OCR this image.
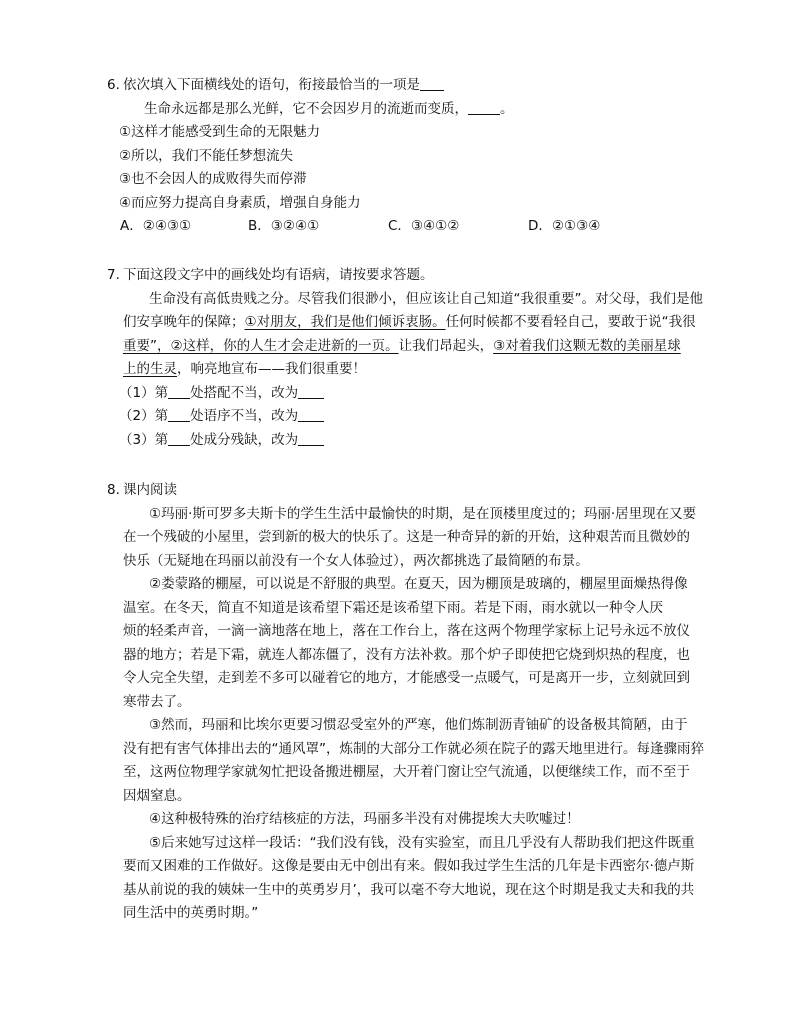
6. 依次填入下面横线处的语句，衔接最恰当的一项是
生命永远都是那么光鲜，它不会因岁月的流逝而变质， 。
①这样才能感受到生命的无限魅力
②所以，我们不能任梦想流失
③也不会因人的成败得失而停滞
④而应努力提高自身素质，增强自身能力
A．②④③①	B．③②④①	C．③④①②	D．②①③④
7. 下面这段文字中的画线处均有语病，请按要求答题。
生命没有高低贵贱之分。尽管我们很渺小，但应该让自己知道“我很重要”。对父母，我们是他
们安享晚年的保障；①对朋友，我们是他们倾诉衷肠。任何时候都不要看轻自己，要敢于说“我很
重要”，②这样，你的人生才会走进新的一页。让我们昂起头，③对着我们这颗无数的美丽星球
上的生灵，响亮地宣布——我们很重要！
（1）第 处搭配不当，改为
（2）第 处语序不当，改为
（3）第 处成分残缺，改为
8. 课内阅读
①玛丽·斯可罗多夫斯卡的学生生活中最愉快的时期，是在顶楼里度过的；玛丽·居里现在又要
在一个残破的小屋里，尝到新的极大的快乐了。这是一种奇异的新的开始，这种艰苦而且微妙的
快乐（无疑地在玛丽以前没有一个女人体验过），两次都挑选了最简陋的布景。
②娄蒙路的棚屋，可以说是不舒服的典型。在夏天，因为棚顶是玻璃的，棚屋里面燥热得像
温室。在冬天，简直不知道是该希望下霜还是该希望下雨。若是下雨，雨水就以一种令人厌
烦的轻柔声音，一滴一滴地落在地上，落在工作台上，落在这两个物理学家标上记号永远不放仪
器的地方；若是下霜，就连人都冻僵了，没有方法补救。那个炉子即使把它烧到炽热的程度，也
令人完全失望，走到差不多可以碰着它的地方，才能感受一点暖气，可是离开一步，立刻就回到
寒带去了。
③然而，玛丽和比埃尔更要习惯忍受室外的严寒，他们炼制沥青铀矿的设备极其简陋，由于
没有把有害气体排出去的“通风罩”，炼制的大部分工作就必须在院子的露天地里进行。每逢骤雨猝
至，这两位物理学家就匆忙把设备搬进棚屋，大开着门窗让空气流通，以便继续工作，而不至于
因烟窒息。
④这种极特殊的治疗结核症的方法，玛丽多半没有对佛提埃大夫吹嘘过！
⑤后来她写过这样一段话：“我们没有钱，没有实验室，而且几乎没有人帮助我们把这件既重
要而又困难的工作做好。这像是要由无中创出有来。假如我过学生生活的几年是卡西密尔·德卢斯
基从前说的我的姨妹一生中的英勇岁月’，我可以毫不夸大地说，现在这个时期是我丈夫和我的共
同生活中的英勇时期。”
